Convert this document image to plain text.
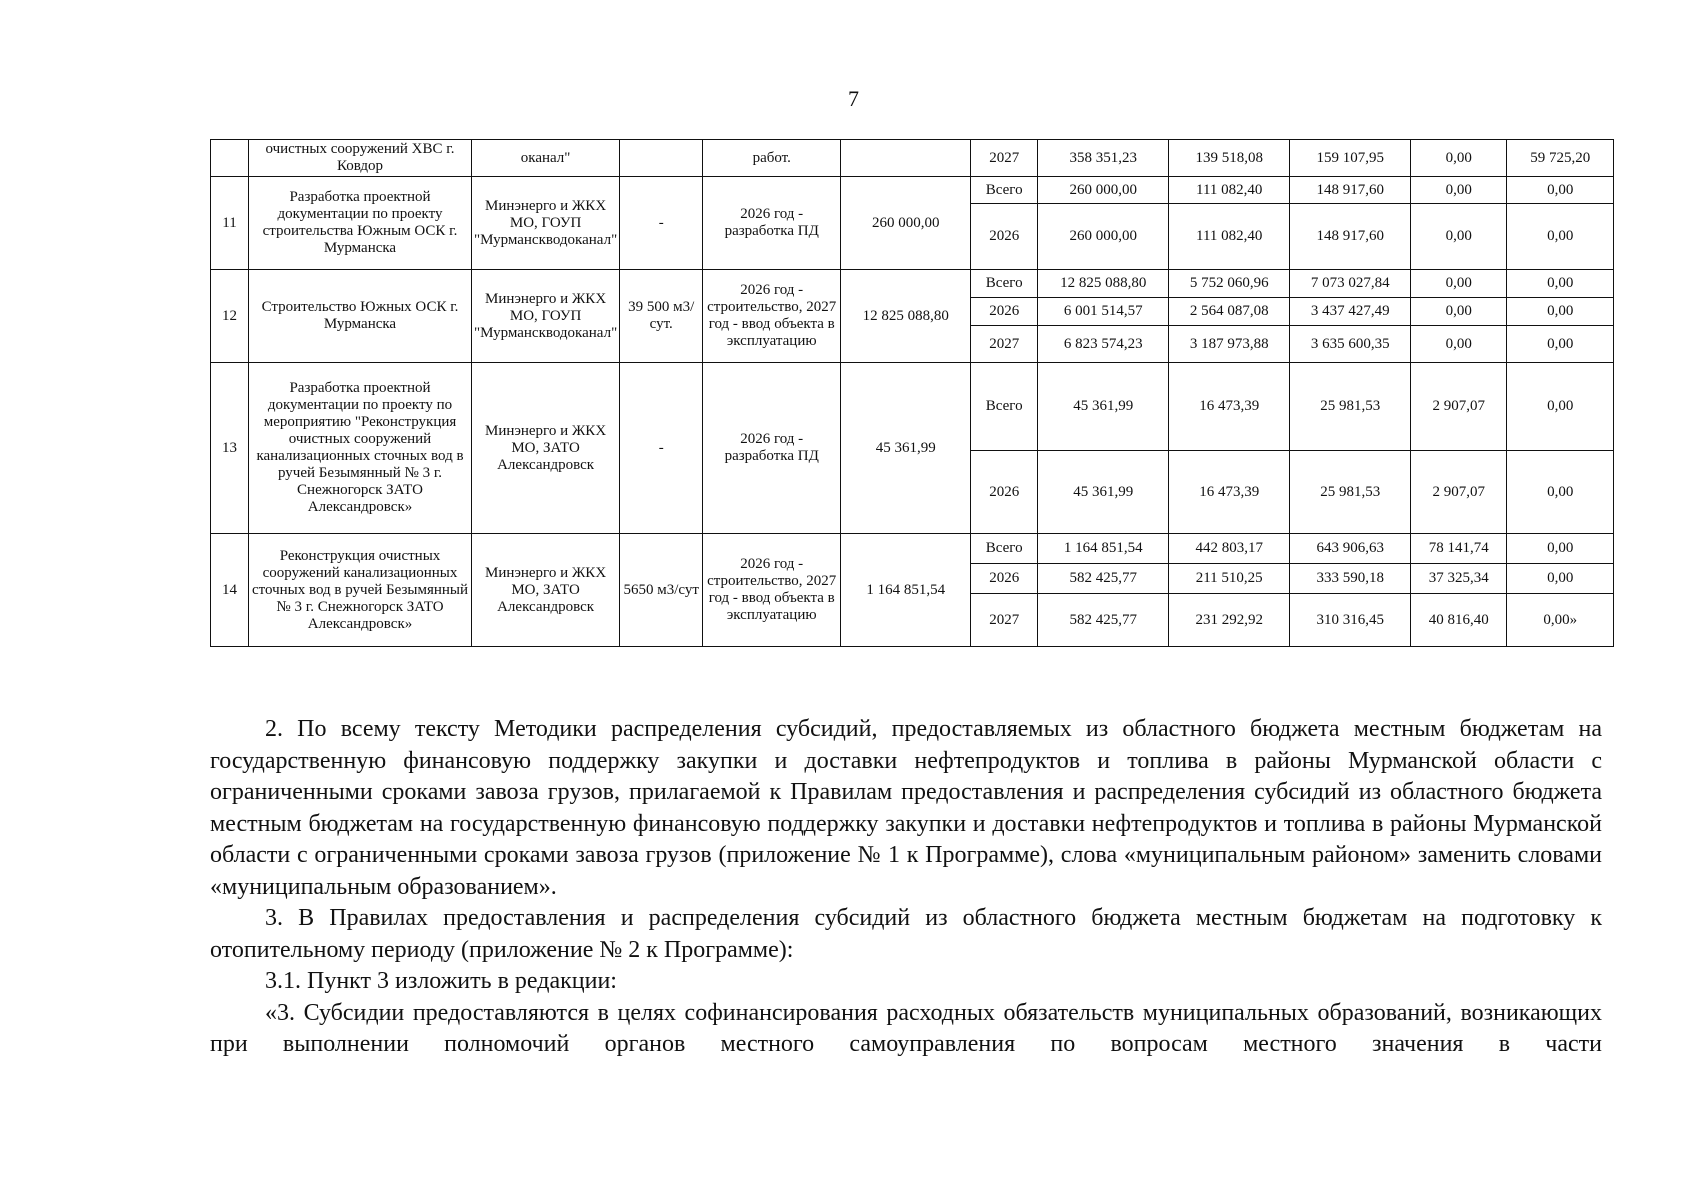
7
	очистных сооружений ХВС г. Ковдор	оканал"		работ.		2027	358 351,23	139 518,08	159 107,95	0,00	59 725,20
11	Разработка проектной документации по проекту строительства Южным ОСК г. Мурманска	Минэнерго и ЖКХ МО, ГОУП "Мурманскводоканал"	-	2026 год - разработка ПД	260 000,00	Всего	260 000,00	111 082,40	148 917,60	0,00	0,00
						2026	260 000,00	111 082,40	148 917,60	0,00	0,00
12	Строительство Южных ОСК г. Мурманска	Минэнерго и ЖКХ МО, ГОУП "Мурманскводоканал"	39 500 м3/сут.	2026 год - строительство, 2027 год - ввод объекта в эксплуатацию	12 825 088,80	Всего	12 825 088,80	5 752 060,96	7 073 027,84	0,00	0,00
						2026	6 001 514,57	2 564 087,08	3 437 427,49	0,00	0,00
						2027	6 823 574,23	3 187 973,88	3 635 600,35	0,00	0,00
13	Разработка проектной документации по проекту по мероприятию "Реконструкция очистных сооружений канализационных сточных вод в ручей Безымянный № 3 г. Снежногорск ЗАТО Александровск»	Минэнерго и ЖКХ МО, ЗАТО Александровск	-	2026 год - разработка ПД	45 361,99	Всего	45 361,99	16 473,39	25 981,53	2 907,07	0,00
						2026	45 361,99	16 473,39	25 981,53	2 907,07	0,00
14	Реконструкция очистных сооружений канализационных сточных вод в ручей Безымянный № 3 г. Снежногорск ЗАТО Александровск»	Минэнерго и ЖКХ МО, ЗАТО Александровск	5650 м3/сут	2026 год - строительство, 2027 год - ввод объекта в эксплуатацию	1 164 851,54	Всего	1 164 851,54	442 803,17	643 906,63	78 141,74	0,00
						2026	582 425,77	211 510,25	333 590,18	37 325,34	0,00
						2027	582 425,77	231 292,92	310 316,45	40 816,40	0,00»

2. По всему тексту Методики распределения субсидий, предоставляемых из областного бюджета местным бюджетам на государственную финансовую поддержку закупки и доставки нефтепродуктов и топлива в районы Мурманской области с ограниченными сроками завоза грузов, прилагаемой к Правилам предоставления и распределения субсидий из областного бюджета местным бюджетам на государственную финансовую поддержку закупки и доставки нефтепродуктов и топлива в районы Мурманской области с ограниченными сроками завоза грузов (приложение № 1 к Программе), слова «муниципальным районом» заменить словами «муниципальным образованием».

3. В Правилах предоставления и распределения субсидий из областного бюджета местным бюджетам на подготовку к отопительному периоду (приложение № 2 к Программе):

3.1. Пункт 3 изложить в редакции:

«3. Субсидии предоставляются в целях софинансирования расходных обязательств муниципальных образований, возникающих при выполнении полномочий органов местного самоуправления по вопросам местного значения в части
